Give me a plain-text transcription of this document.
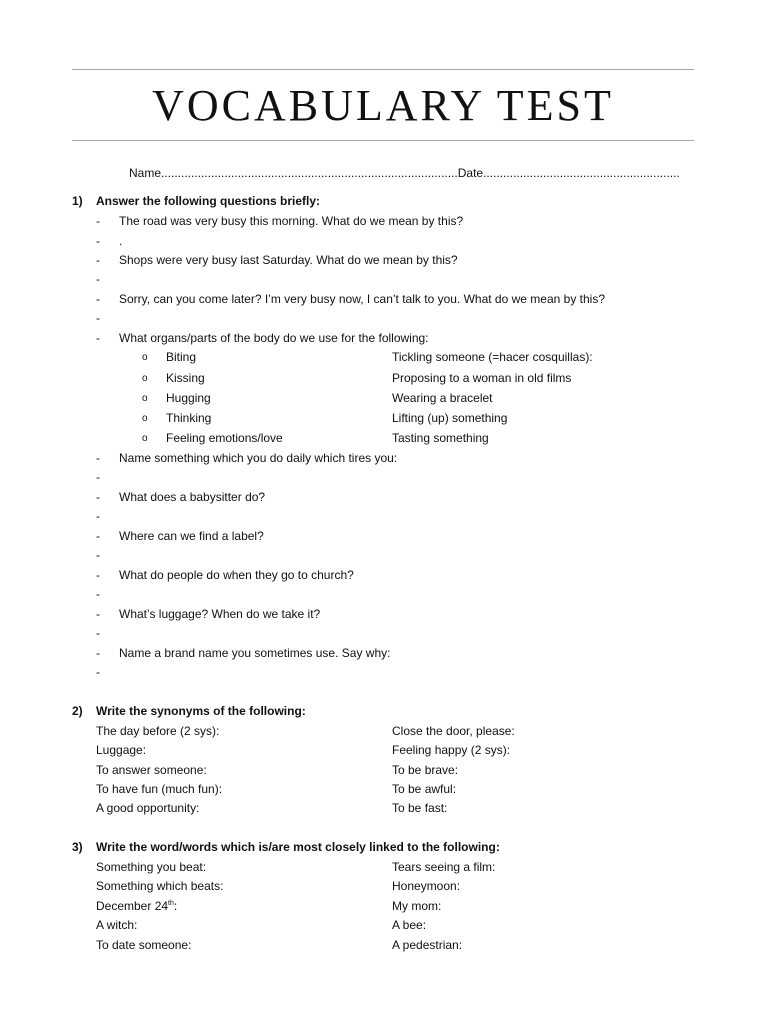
VOCABULARY TEST
Name.........................................................................................Date...........................................................
1) Answer the following questions briefly:
- The road was very busy this morning. What do we mean by this?
- .
- Shops were very busy last Saturday. What do we mean by this?
-
- Sorry, can you come later? I’m very busy now, I can’t talk to you. What do we mean by this?
-
- What organs/parts of the body do we use for the following:
o Biting	Tickling someone (=hacer cosquillas):
o Kissing	Proposing to a woman in old films
o Hugging	Wearing a bracelet
o Thinking	Lifting (up) something
o Feeling emotions/love	Tasting something
- Name something which you do daily which tires you:
-
- What does a babysitter do?
-
- Where can we find a label?
-
- What do people do when they go to church?
-
- What’s luggage? When do we take it?
-
- Name a brand name you sometimes use. Say why:
-
2) Write the synonyms of the following:
The day before (2 sys):	Close the door, please:
Luggage:	Feeling happy (2 sys):
To answer someone:	To be brave:
To have fun (much fun):	To be awful:
A good opportunity:	To be fast:
3) Write the word/words which is/are most closely linked to the following:
Something you beat:	Tears seeing a film:
Something which beats:	Honeymoon:
December 24th:	My mom:
A witch:	A bee:
To date someone:	A pedestrian:
